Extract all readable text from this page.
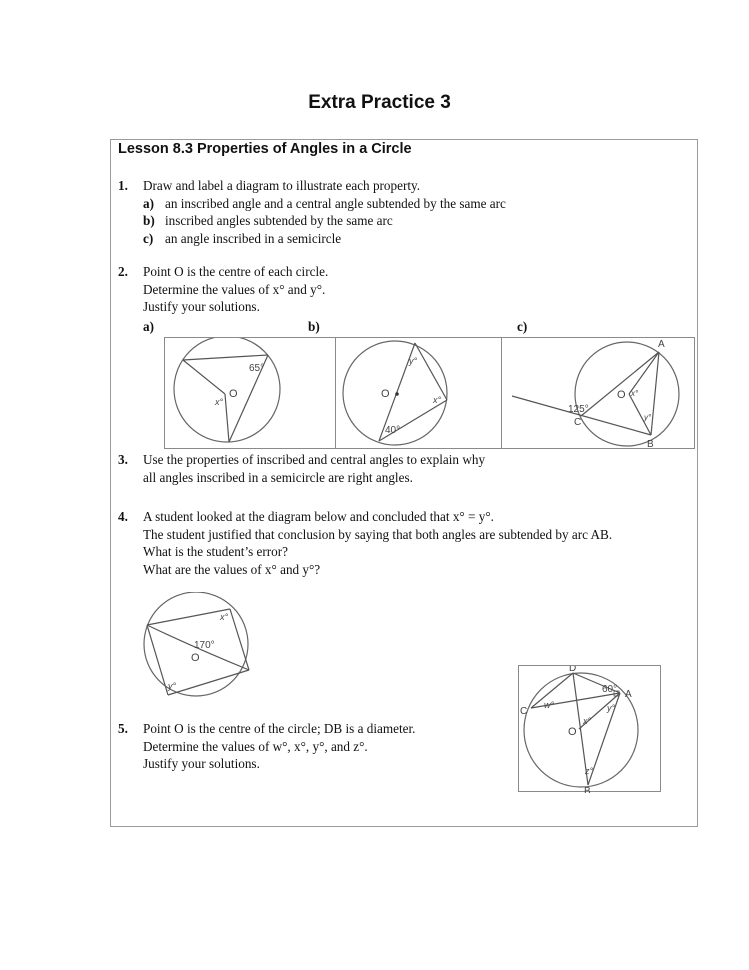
Extra Practice 3
Lesson 8.3 Properties of Angles in a Circle
1. Draw and label a diagram to illustrate each property.
a) an inscribed angle and a central angle subtended by the same arc
b) inscribed angles subtended by the same arc
c) an angle inscribed in a semicircle
2. Point O is the centre of each circle.
Determine the values of x° and y°.
Justify your solutions.
a)	b)	c)
65°
O
x°
O
y°
x°
40°
A
B
C
O x°
y°
125°
3. Use the properties of inscribed and central angles to explain why
all angles inscribed in a semicircle are right angles.
4. A student looked at the diagram below and concluded that x° = y°.
The student justified that conclusion by saying that both angles are subtended by arc AB.
What is the student’s error?
What are the values of x° and y°?
170°
O
x°
y°
5. Point O is the centre of the circle; DB is a diameter.
Determine the values of w°, x°, y°, and z°.
Justify your solutions.
D
A
C
B
O
60°
w°
x°
y°
z°
